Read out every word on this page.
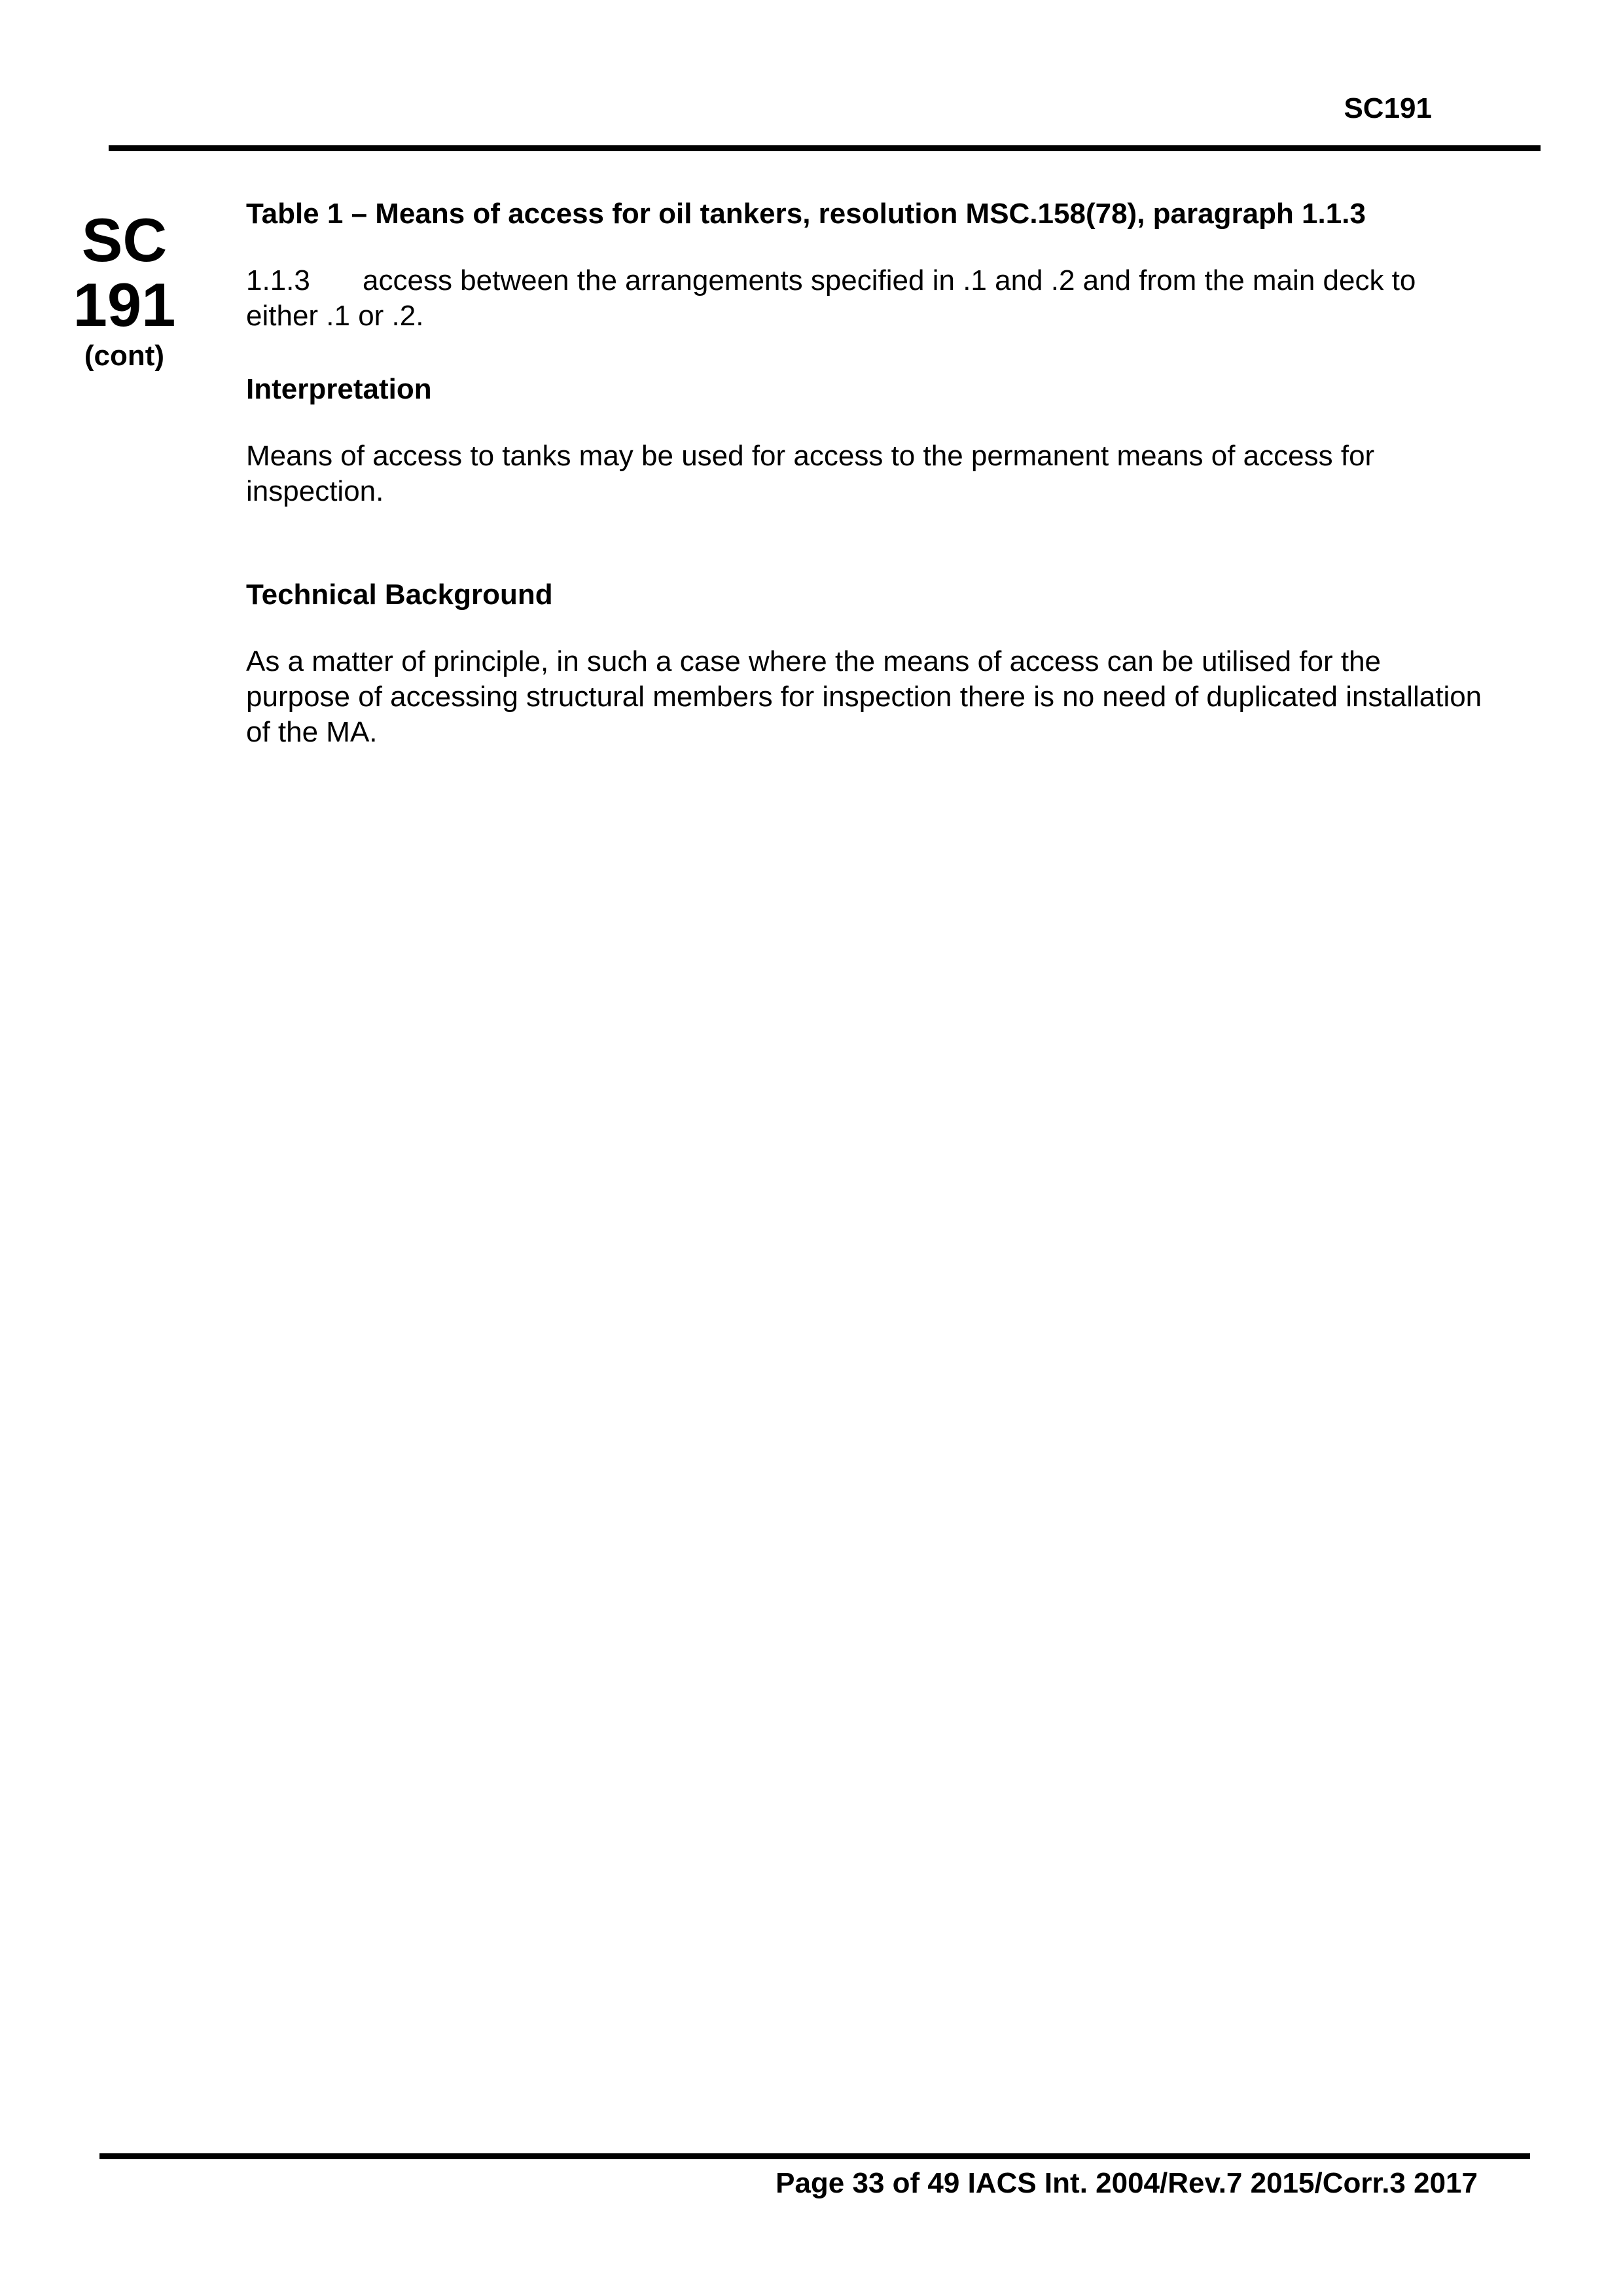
SC191
SC
191
(cont)

Table 1 – Means of access for oil tankers, resolution MSC.158(78), paragraph 1.1.3

1.1.3 access between the arrangements specified in .1 and .2 and from the main deck to either .1 or .2.

Interpretation

Means of access to tanks may be used for access to the permanent means of access for inspection.

Technical Background

As a matter of principle, in such a case where the means of access can be utilised for the purpose of accessing structural members for inspection there is no need of duplicated installation of the MA.

Page 33 of 49 IACS Int. 2004/Rev.7 2015/Corr.3 2017
